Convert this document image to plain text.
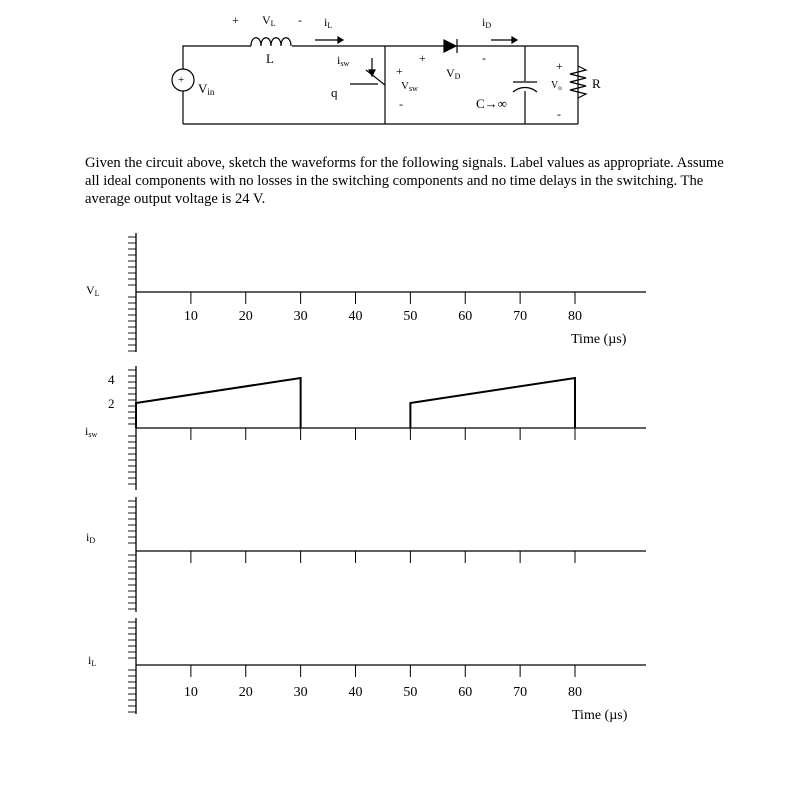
+
Vin
+ VL - iL
L	isw
q
+
Vsw
-
+
VD
-
iD
C→∞
+
$V_o$
-
R
VL
isw
iD
iL
4
2
Time (µs)
Time (µs)
10	20	30	40	50	60	70	80
10	20	30	40	50	60	70	80

Given the circuit above, sketch the waveforms for the following signals. Label values as appropriate. Assume all ideal components with no losses in the switching components and no time delays in the switching. The average output voltage is 24 V.
